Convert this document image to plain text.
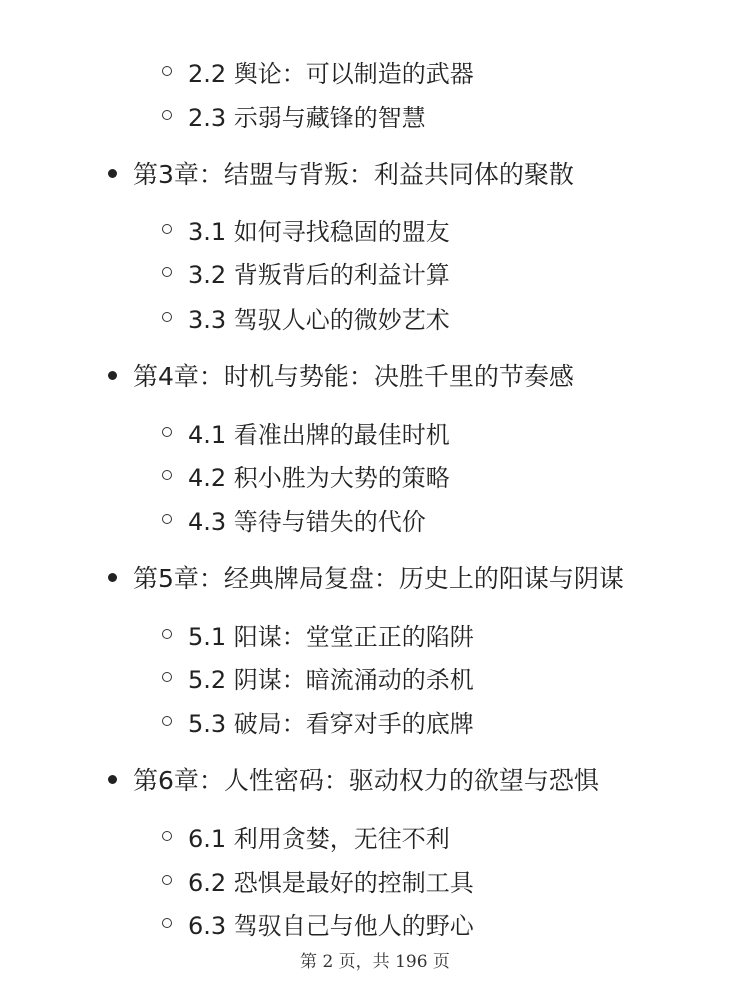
2.2 舆论：可以制造的武器
2.3 示弱与藏锋的智慧
第3章：结盟与背叛：利益共同体的聚散
3.1 如何寻找稳固的盟友
3.2 背叛背后的利益计算
3.3 驾驭人心的微妙艺术
第4章：时机与势能：决胜千里的节奏感
4.1 看准出牌的最佳时机
4.2 积小胜为大势的策略
4.3 等待与错失的代价
第5章：经典牌局复盘：历史上的阳谋与阴谋
5.1 阳谋：堂堂正正的陷阱
5.2 阴谋：暗流涌动的杀机
5.3 破局：看穿对手的底牌
第6章：人性密码：驱动权力的欲望与恐惧
6.1 利用贪婪，无往不利
6.2 恐惧是最好的控制工具
6.3 驾驭自己与他人的野心
第 2 页，共 196 页
